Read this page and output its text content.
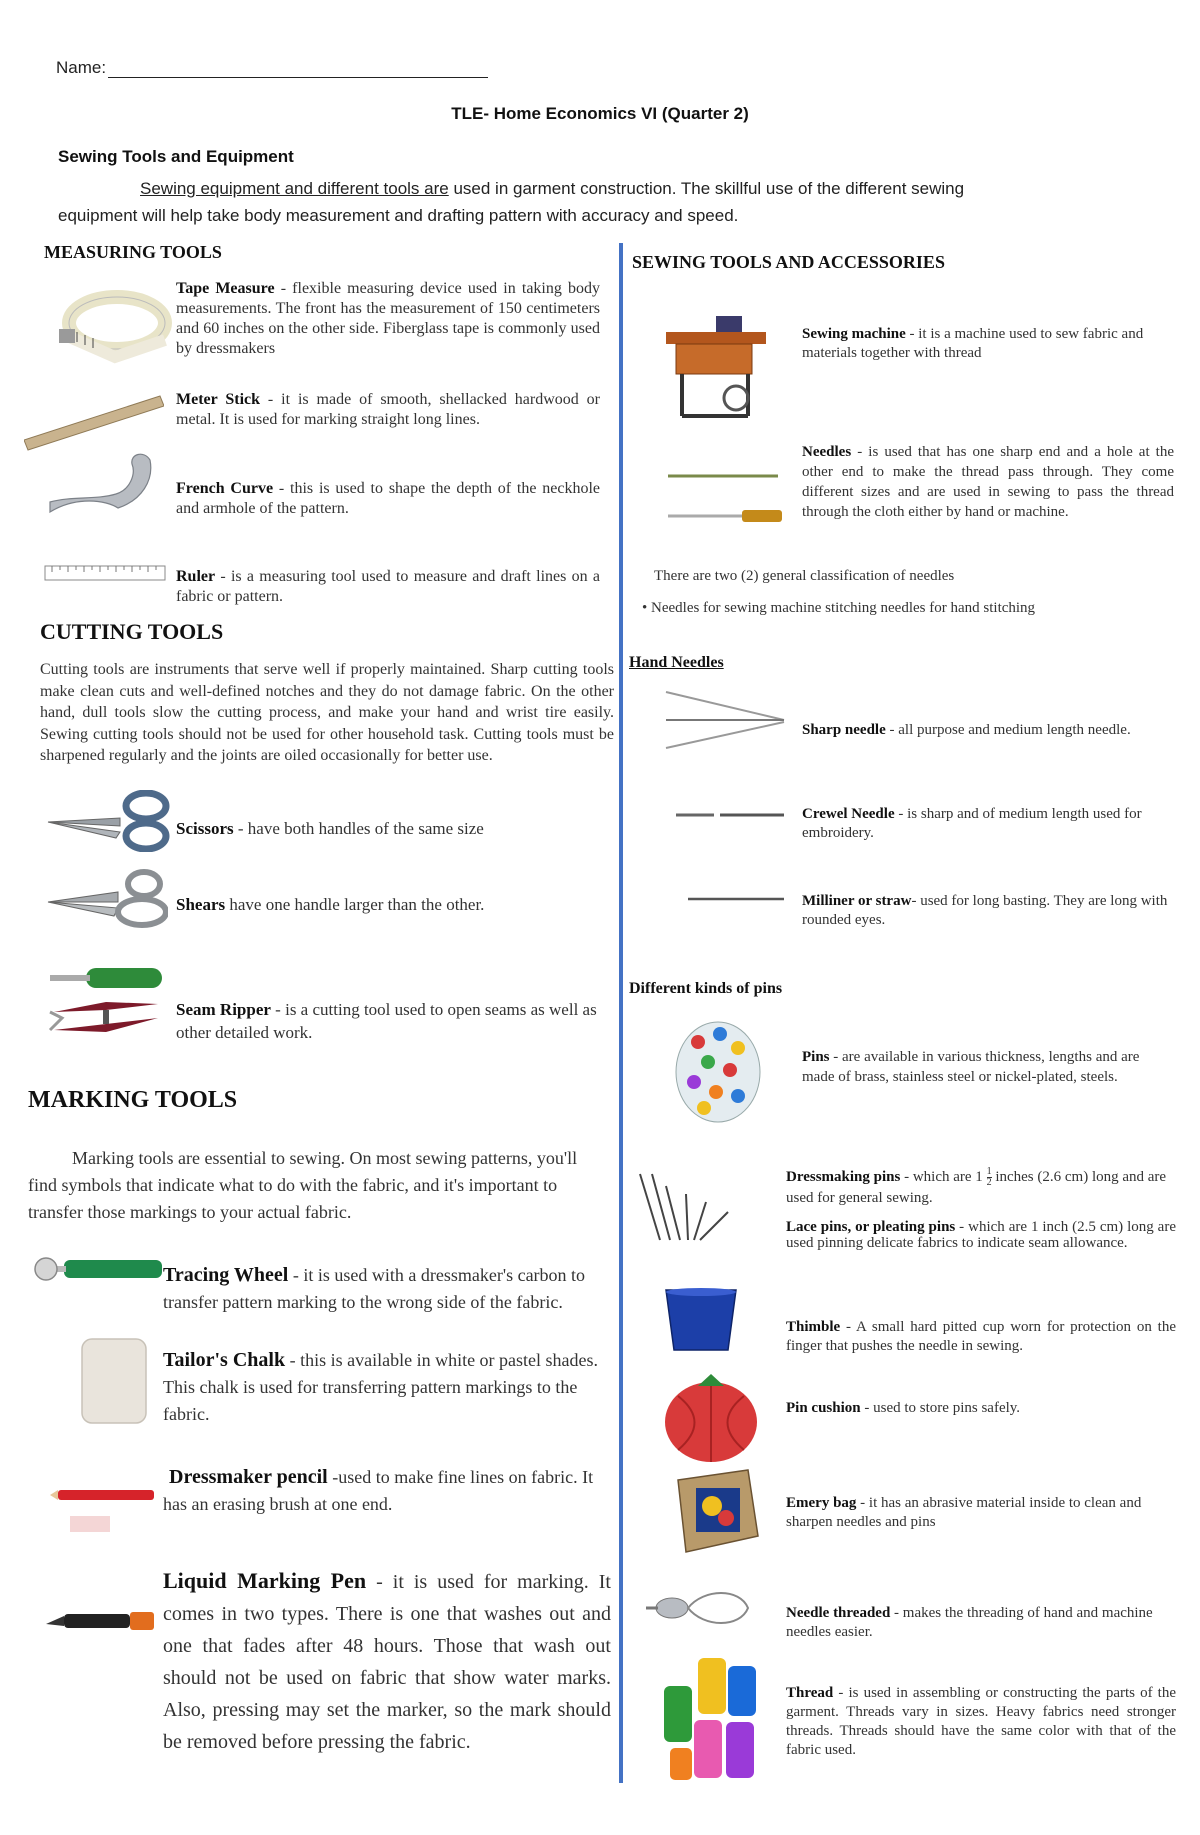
Name:
TLE- Home Economics VI (Quarter 2)
Sewing Tools and Equipment
Sewing equipment and different tools are used in garment construction. The skillful use of the different sewing
equipment will help take body measurement and drafting pattern with accuracy and speed.
MEASURING TOOLS
Tape Measure - flexible measuring device used in taking body measurements. The front has the measurement of 150 centimeters and 60 inches on the other side. Fiberglass tape is commonly used by dressmakers
Meter Stick - it is made of smooth, shellacked hardwood or metal. It is used for marking straight long lines.
French Curve - this is used to shape the depth of the neckhole and armhole of the pattern.
Ruler - is a measuring tool used to measure and draft lines on a fabric or pattern.
CUTTING TOOLS
Cutting tools are instruments that serve well if properly maintained. Sharp cutting tools make clean cuts and well-defined notches and they do not damage fabric. On the other hand, dull tools slow the cutting process, and make your hand and wrist tire easily. Sewing cutting tools should not be used for other household task. Cutting tools must be sharpened regularly and the joints are oiled occasionally for better use.
Scissors - have both handles of the same size
Shears have one handle larger than the other.
Seam Ripper - is a cutting tool used to open seams as well as other detailed work.
MARKING TOOLS
Marking tools are essential to sewing. On most sewing patterns, you'll find symbols that indicate what to do with the fabric, and it's important to transfer those markings to your actual fabric.
Tracing Wheel - it is used with a dressmaker's carbon to transfer pattern marking to the wrong side of the fabric.
Tailor's Chalk - this is available in white or pastel shades. This chalk is used for transferring pattern markings to the fabric.
Dressmaker pencil -used to make fine lines on fabric. It has an erasing brush at one end.
Liquid Marking Pen - it is used for marking. It comes in two types. There is one that washes out and one that fades after 48 hours. Those that wash out should not be used on fabric that show water marks. Also, pressing may set the marker, so the mark should be removed before pressing the fabric.
SEWING TOOLS AND ACCESSORIES
Sewing machine - it is a machine used to sew fabric and materials together with thread
Needles - is used that has one sharp end and a hole at the other end to make the thread pass through. They come different sizes and are used in sewing to pass the thread through the cloth either by hand or machine.
There are two (2) general classification of needles
• Needles for sewing machine stitching needles for hand stitching
Hand Needles
Sharp needle - all purpose and medium length needle.
Crewel Needle - is sharp and of medium length used for embroidery.
Milliner or straw- used for long basting. They are long with rounded eyes.
Different kinds of pins
Pins - are available in various thickness, lengths and are made of brass, stainless steel or nickel-plated, steels.
Dressmaking pins - which are $1 \frac{1}{2}$ inches (2.6 cm) long and are used for general sewing.
Lace pins, or pleating pins - which are 1 inch (2.5 cm) long are used pinning delicate fabrics to indicate seam allowance.
Thimble - A small hard pitted cup worn for protection on the finger that pushes the needle in sewing.
Pin cushion - used to store pins safely.
Emery bag - it has an abrasive material inside to clean and sharpen needles and pins
Needle threaded - makes the threading of hand and machine needles easier.
Thread - is used in assembling or constructing the parts of the garment. Threads vary in sizes. Heavy fabrics need stronger threads. Threads should have the same color with that of the fabric used.
